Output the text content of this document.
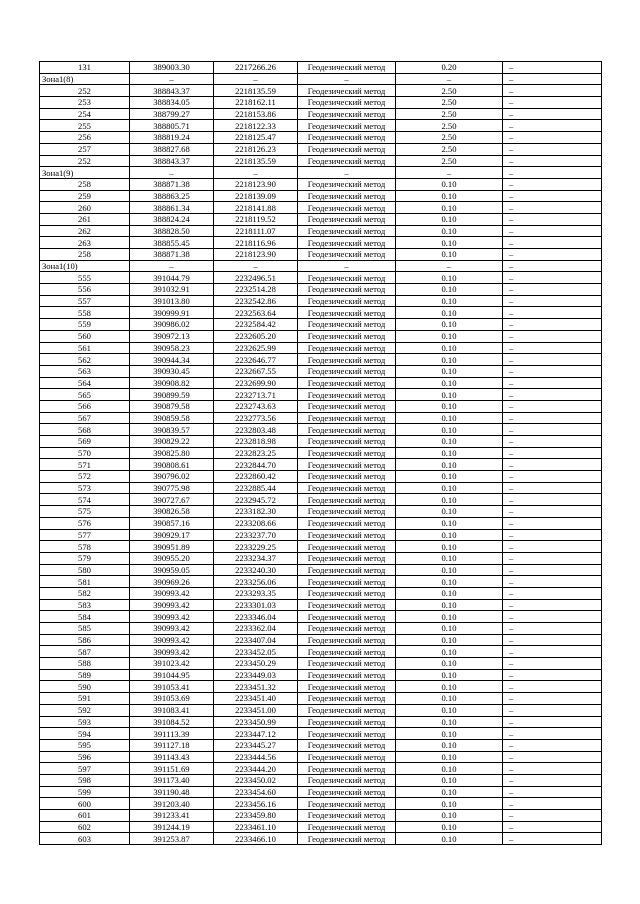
131	389003.30	2217266.26	Геодезический метод	0.20	–
Зона1(8)	–	–	–	–	–
252	388843.37	2218135.59	Геодезический метод	2.50	–
253	388834.05	2218162.11	Геодезический метод	2.50	–
254	388799.27	2218153.86	Геодезический метод	2.50	–
255	388805.71	2218122.33	Геодезический метод	2.50	–
256	388819.24	2218125.47	Геодезический метод	2.50	–
257	388827.68	2218126.23	Геодезический метод	2.50	–
252	388843.37	2218135.59	Геодезический метод	2.50	–
Зона1(9)	–	–	–	–	–
258	388871.38	2218123.90	Геодезический метод	0.10	–
259	388863.25	2218139.09	Геодезический метод	0.10	–
260	388861.34	2218141.88	Геодезический метод	0.10	–
261	388824.24	2218119.52	Геодезический метод	0.10	–
262	388828.50	2218111.07	Геодезический метод	0.10	–
263	388855.45	2218116.96	Геодезический метод	0.10	–
258	388871.38	2218123.90	Геодезический метод	0.10	–
Зона1(10)	–	–	–	–	–
555	391044.79	2232496.51	Геодезический метод	0.10	–
556	391032.91	2232514.28	Геодезический метод	0.10	–
557	391013.80	2232542.86	Геодезический метод	0.10	–
558	390999.91	2232563.64	Геодезический метод	0.10	–
559	390986.02	2232584.42	Геодезический метод	0.10	–
560	390972.13	2232605.20	Геодезический метод	0.10	–
561	390958.23	2232625.99	Геодезический метод	0.10	–
562	390944.34	2232646.77	Геодезический метод	0.10	–
563	390930.45	2232667.55	Геодезический метод	0.10	–
564	390908.82	2232699.90	Геодезический метод	0.10	–
565	390899.59	2232713.71	Геодезический метод	0.10	–
566	390879.58	2232743.63	Геодезический метод	0.10	–
567	390859.58	2232773.56	Геодезический метод	0.10	–
568	390839.57	2232803.48	Геодезический метод	0.10	–
569	390829.22	2232818.98	Геодезический метод	0.10	–
570	390825.80	2232823.25	Геодезический метод	0.10	–
571	390808.61	2232844.70	Геодезический метод	0.10	–
572	390796.02	2232860.42	Геодезический метод	0.10	–
573	390775.98	2232885.44	Геодезический метод	0.10	–
574	390727.67	2232945.72	Геодезический метод	0.10	–
575	390826.58	2233182.30	Геодезический метод	0.10	–
576	390857.16	2233208.66	Геодезический метод	0.10	–
577	390929.17	2233237.70	Геодезический метод	0.10	–
578	390951.89	2233229.25	Геодезический метод	0.10	–
579	390955.20	2233234.37	Геодезический метод	0.10	–
580	390959.05	2233240.30	Геодезический метод	0.10	–
581	390969.26	2233256.06	Геодезический метод	0.10	–
582	390993.42	2233293.35	Геодезический метод	0.10	–
583	390993.42	2233301.03	Геодезический метод	0.10	–
584	390993.42	2233346.04	Геодезический метод	0.10	–
585	390993.42	2233362.04	Геодезический метод	0.10	–
586	390993.42	2233407.04	Геодезический метод	0.10	–
587	390993.42	2233452.05	Геодезический метод	0.10	–
588	391023.42	2233450.29	Геодезический метод	0.10	–
589	391044.95	2233449.03	Геодезический метод	0.10	–
590	391053.41	2233451.32	Геодезический метод	0.10	–
591	391053.69	2233451.40	Геодезический метод	0.10	–
592	391083.41	2233451.00	Геодезический метод	0.10	–
593	391084.52	2233450.99	Геодезический метод	0.10	–
594	391113.39	2233447.12	Геодезический метод	0.10	–
595	391127.18	2233445.27	Геодезический метод	0.10	–
596	391143.43	2233444.56	Геодезический метод	0.10	–
597	391151.69	2233444.20	Геодезический метод	0.10	–
598	391173.40	2233450.02	Геодезический метод	0.10	–
599	391190.48	2233454.60	Геодезический метод	0.10	–
600	391203.40	2233456.16	Геодезический метод	0.10	–
601	391233.41	2233459.80	Геодезический метод	0.10	–
602	391244.19	2233461.10	Геодезический метод	0.10	–
603	391253.87	2233466.10	Геодезический метод	0.10	–
